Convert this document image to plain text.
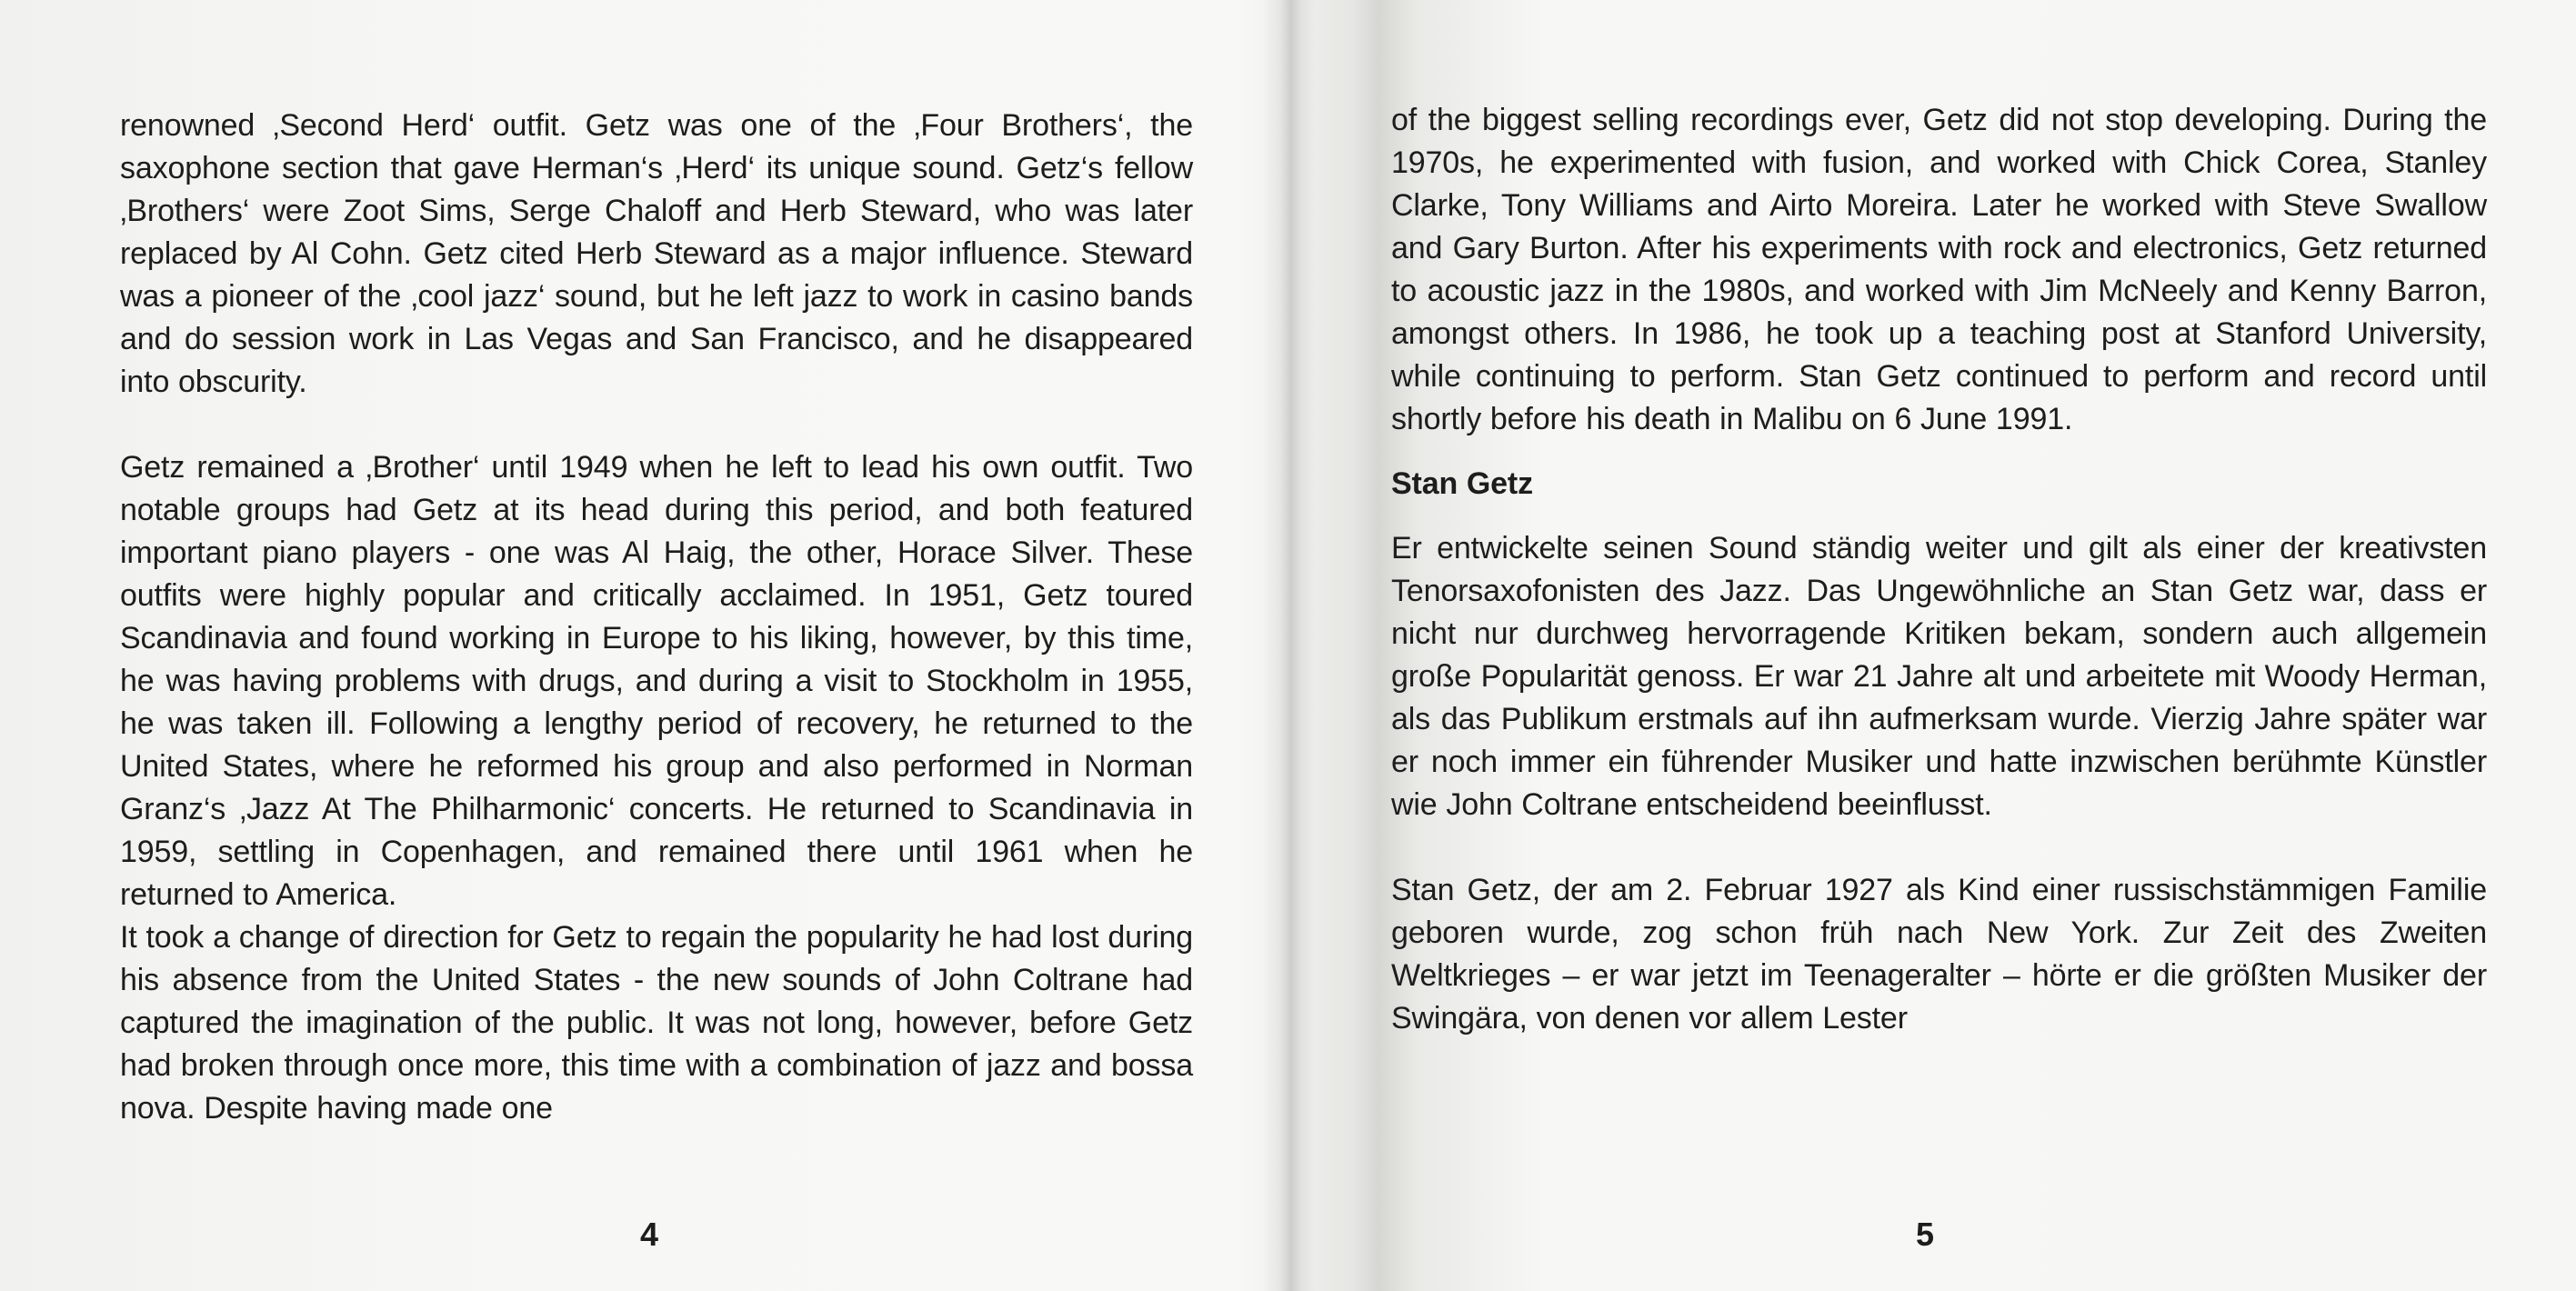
renowned ‚Second Herd‘ outfit. Getz was one of the ‚Four Brothers‘, the saxophone section that gave Herman‘s ‚Herd‘ its unique sound. Getz‘s fellow ‚Brothers‘ were Zoot Sims, Serge Chaloff and Herb Steward, who was later replaced by Al Cohn. Getz cited Herb Steward as a major influence. Steward was a pioneer of the ‚cool jazz‘ sound, but he left jazz to work in casino bands and do session work in Las Vegas and San Francisco, and he disappeared into obscurity.

Getz remained a ‚Brother‘ until 1949 when he left to lead his own outfit. Two notable groups had Getz at its head during this period, and both featured important piano players - one was Al Haig, the other, Horace Silver. These outfits were highly popular and critically acclaimed. In 1951, Getz toured Scandinavia and found working in Europe to his liking, however, by this time, he was having problems with drugs, and during a visit to Stockholm in 1955, he was taken ill. Following a lengthy period of recovery, he returned to the United States, where he reformed his group and also performed in Norman Granz‘s ‚Jazz At The Philharmonic‘ concerts. He returned to Scandinavia in 1959, settling in Copenhagen, and remained there until 1961 when he returned to America.

It took a change of direction for Getz to regain the popularity he had lost during his absence from the United States - the new sounds of John Coltrane had captured the imagination of the public. It was not long, however, before Getz had broken through once more, this time with a combination of jazz and bossa nova. Despite having made one

4

of the biggest selling recordings ever, Getz did not stop developing. During the 1970s, he experimented with fusion, and worked with Chick Corea, Stanley Clarke, Tony Williams and Airto Moreira. Later he worked with Steve Swallow and Gary Burton. After his experiments with rock and electronics, Getz returned to acoustic jazz in the 1980s, and worked with Jim McNeely and Kenny Barron, amongst others. In 1986, he took up a teaching post at Stanford University, while continuing to perform. Stan Getz continued to perform and record until shortly before his death in Malibu on 6 June 1991.

Stan Getz

Er entwickelte seinen Sound ständig weiter und gilt als einer der kreativsten Tenorsaxofonisten des Jazz. Das Ungewöhnliche an Stan Getz war, dass er nicht nur durchweg hervorragende Kritiken bekam, sondern auch allgemein große Popularität genoss. Er war 21 Jahre alt und arbeitete mit Woody Herman, als das Publikum erstmals auf ihn aufmerksam wurde. Vierzig Jahre später war er noch immer ein führender Musiker und hatte inzwischen berühmte Künstler wie John Coltrane entscheidend beeinflusst.

Stan Getz, der am 2. Februar 1927 als Kind einer russischstämmigen Familie geboren wurde, zog schon früh nach New York. Zur Zeit des Zweiten Weltkrieges – er war jetzt im Teenageralter – hörte er die größten Musiker der Swingära, von denen vor allem Lester

5
